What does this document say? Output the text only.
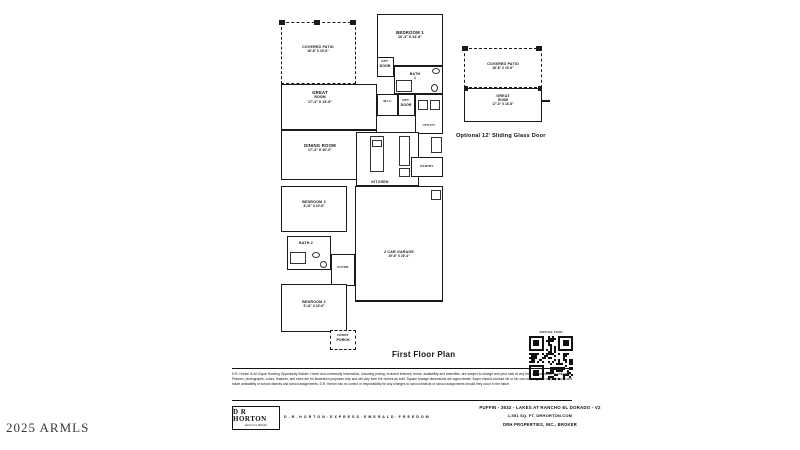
COVERED PATIO
18'-8" X 10'-6"
BEDROOM 1
16'-4" X 13'-8"
BATH
1
OPT.
DOOR
GREAT
ROOM
17'-4" X 13'-8"	W.I.C.	OPT.
DOOR
UTILITY
DINING ROOM
17'-4" X 10'-0"
KITCHEN
PANTRY
BEDROOM 3
9'-11" X 10'-6"
2 CAR GARAGE
19'-6" X 20'-4"
BATH 2
FOYER
BEDROOM 2
9'-11" X 10'-6"
FRONT
PORCH
COVERED PATIO
18'-8" X 10'-6"
GREAT
ROOM
17'-4" X 13'-8"
Optional 12' Sliding Glass Door
First Floor Plan
VIRTUAL TOUR
D.R. Horton is An Equal Housing Opportunity Builder. Home and community information, including pricing, included features, terms, availability and amenities, are subject to change and prior sale at any time without notice or obligation. Pictures, photographs, colors, features, and sizes are for illustration purposes only and will vary from the homes as built. Square footage dimensions are approximate. Buyer should conduct his or her own investigation of the present and future availability of school districts and school assignments. D.R. Horton has no control or responsibility for any changes to school districts or school assignments should they occur in the future.
D R HORTON
America's Builder
D . R . H O R T O N · E X P R E S S · E M E R A L D · F R E E D O M
PUFFIN - 3632 - LAKES AT RANCHO EL DORADO - V2
1,551 SQ. FT. DRHORTON.COM
DRH PROPERTIES, INC., BROKER
2025 ARMLS
